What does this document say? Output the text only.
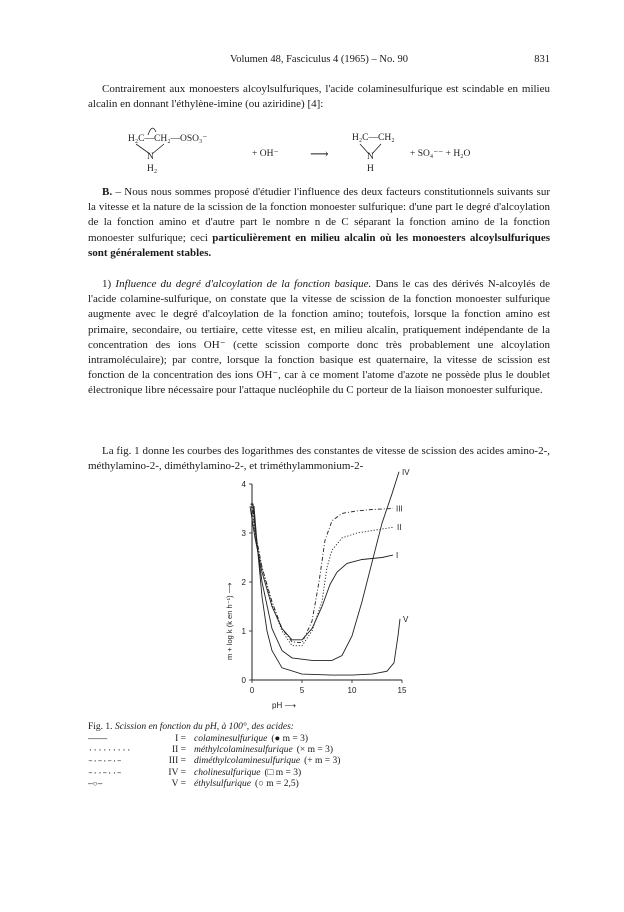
Volumen 48, Fasciculus 4 (1965) – No. 90	831

Contrairement aux monoesters alcoylsulfuriques, l'acide colaminesulfurique est scindable en milieu alcalin en donnant l'éthylène-imine (ou aziridine) [4]:

H₂C—CH₂—OSO₃⁻
N
H₂
+ OH⁻ ⟶
H₂C—CH₂
N
H
+ SO₄⁻⁻ + H₂O

B. – Nous nous sommes proposé d'étudier l'influence des deux facteurs constitutionnels suivants sur la vitesse et la nature de la scission de la fonction monoester sulfurique: d'une part le degré d'alcoylation de la fonction amino et d'autre part le nombre n de C séparant la fonction amino de la fonction monoester sulfurique; ceci particulièrement en milieu alcalin où les monoesters alcoylsulfuriques sont généralement stables.

1) Influence du degré d'alcoylation de la fonction basique. Dans le cas des dérivés N-alcoylés de l'acide colamine-sulfurique, on constate que la vitesse de scission de la fonction monoester sulfurique augmente avec le degré d'alcoylation de la fonction amino; toutefois, lorsque la fonction amino est primaire, secondaire, ou tertiaire, cette vitesse est, en milieu alcalin, pratiquement indépendante de la concentration des ions OH⁻ (cette scission comporte donc très probablement une alcoylation intramoléculaire); par contre, lorsque la fonction basique est quaternaire, la vitesse de scission est fonction de la concentration des ions OH⁻, car à ce moment l'atome d'azote ne possède plus le doublet électronique libre nécessaire pour l'attaque nucléophile du C porteur de la liaison monoester sulfurique.

La fig. 1 donne les courbes des logarithmes des constantes de vitesse de scission des acides amino-2-, méthylamino-2-, diméthylamino-2-, et triméthylammonium-2-

0	5	10	15
0
1
2
3
4
pH ⟶
m + log k (k en h⁻¹) ⟶
I
II
III
IV
V
Fig. 1. Scission en fonction du pH, à 100°, des acides:
————	I = colaminesulfurique (● m = 3)
·········	II = méthylcolaminesulfurique (× m = 3)
–·–·–·–	III = diméthylcolaminesulfurique (+ m = 3)
–··–··–	IV = cholinesulfurique (□ m = 3)
—○—	V = éthylsulfurique (○ m = 2,5)
